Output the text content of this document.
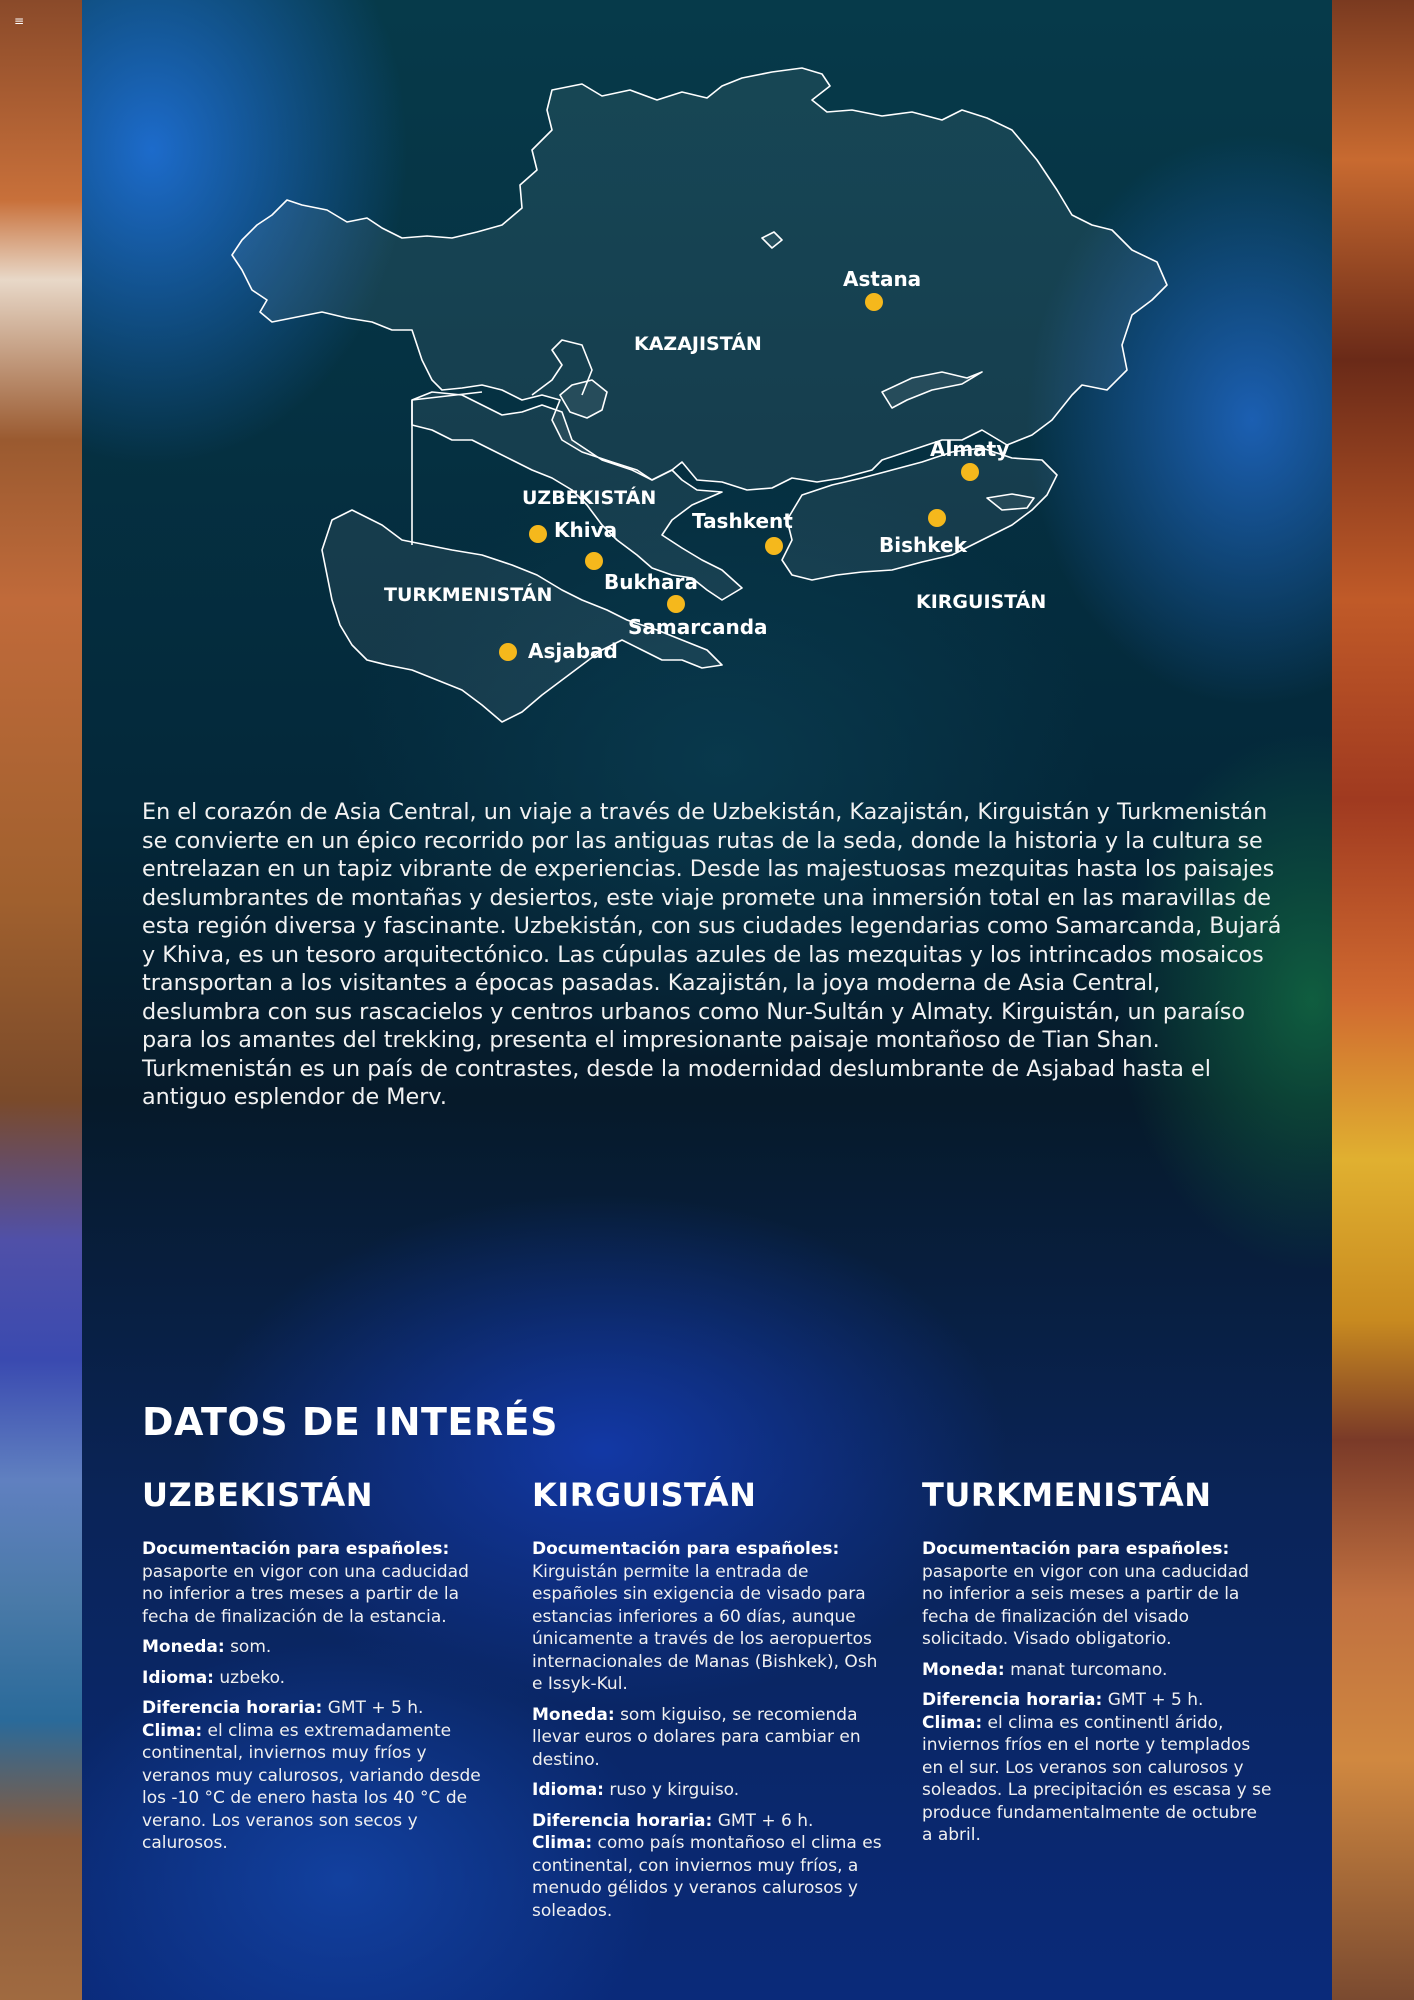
≡
KAZAJISTÁN
UZBEKISTÁN
TURKMENISTÁN	KIRGUISTÁN
Astana
Almaty
Tashkent
Bishkek
Khiva
Bukhara
Samarcanda
Asjabad

En el corazón de Asia Central, un viaje a través de Uzbekistán, Kazajistán, Kirguistán y Turkmenistán se convierte en un épico recorrido por las antiguas rutas de la seda, donde la historia y la cultura se entrelazan en un tapiz vibrante de experiencias. Desde las majestuosas mezquitas hasta los paisajes deslumbrantes de montañas y desiertos, este viaje promete una inmersión total en las maravillas de esta región diversa y fascinante. Uzbekistán, con sus ciudades legendarias como Samarcanda, Bujará y Khiva, es un tesoro arquitectónico. Las cúpulas azules de las mezquitas y los intrincados mosaicos transportan a los visitantes a épocas pasadas. Kazajistán, la joya moderna de Asia Central, deslumbra con sus rascacielos y centros urbanos como Nur-Sultán y Almaty. Kirguistán, un paraíso para los amantes del trekking, presenta el impresionante paisaje montañoso de Tian Shan. Turkmenistán es un país de contrastes, desde la modernidad deslumbrante de Asjabad hasta el antiguo esplendor de Merv.

DATOS DE INTERÉS
UZBEKISTÁN

Documentación para españoles:
pasaporte en vigor con una caducidad no inferior a tres meses a partir de la fecha de finalización de la estancia.

Moneda: som.

Idioma: uzbeko.

Diferencia horaria: GMT + 5 h.
Clima: el clima es extremadamente continental, inviernos muy fríos y veranos muy calurosos, variando desde los -10 °C de enero hasta los 40 °C de verano. Los veranos son secos y calurosos.

KIRGUISTÁN

Documentación para españoles:
Kirguistán permite la entrada de españoles sin exigencia de visado para estancias inferiores a 60 días, aunque únicamente a través de los aeropuertos internacionales de Manas (Bishkek), Osh e Issyk-Kul.

Moneda: som kiguiso, se recomienda llevar euros o dolares para cambiar en destino.

Idioma: ruso y kirguiso.

Diferencia horaria: GMT + 6 h.
Clima: como país montañoso el clima es continental, con inviernos muy fríos, a menudo gélidos y veranos calurosos y soleados.

TURKMENISTÁN

Documentación para españoles:
pasaporte en vigor con una caducidad no inferior a seis meses a partir de la fecha de finalización del visado solicitado. Visado obligatorio.

Moneda: manat turcomano.

Diferencia horaria: GMT + 5 h.
Clima: el clima es continentl árido, inviernos fríos en el norte y templados en el sur. Los veranos son calurosos y soleados. La precipitación es escasa y se produce fundamentalmente de octubre a abril.
